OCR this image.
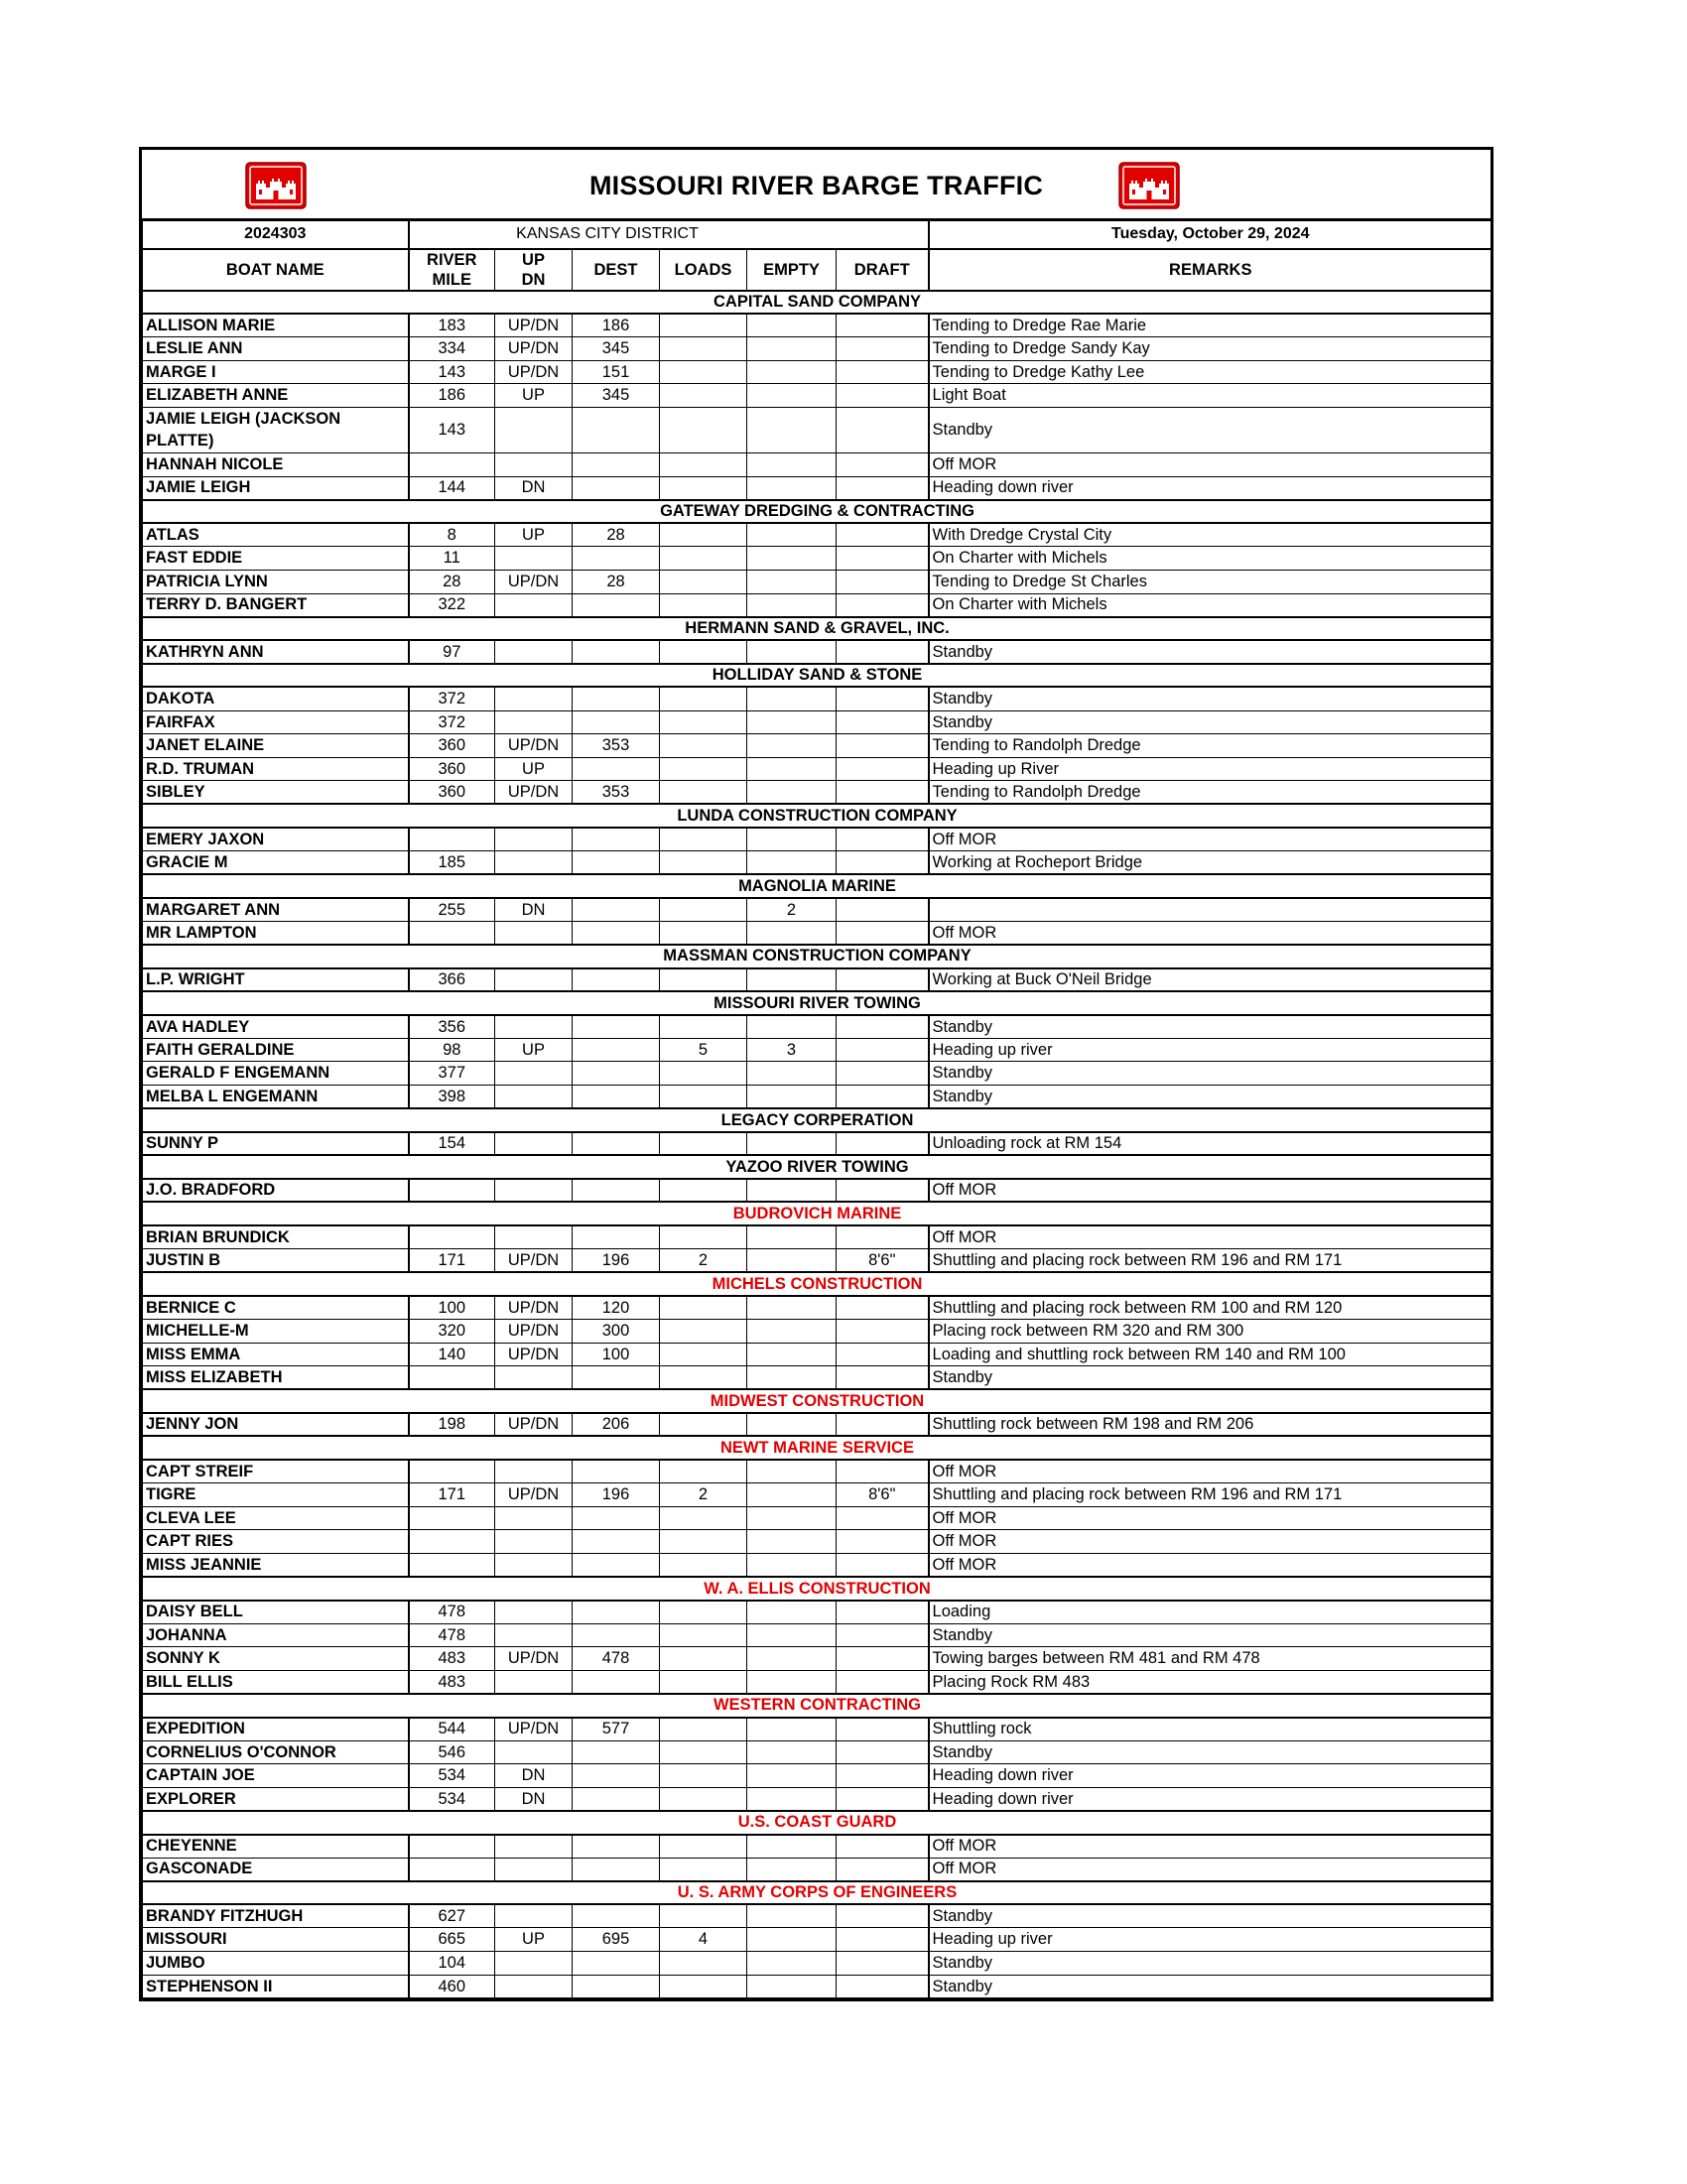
MISSOURI RIVER BARGE TRAFFIC
2024303	KANSAS CITY DISTRICT						Tuesday, October 29, 2024
BOAT NAME	RIVER MILE	UP DN	DEST	LOADS	EMPTY	DRAFT	REMARKS
CAPITAL SAND COMPANY							
ALLISON MARIE	183	UP/DN	186				Tending to Dredge Rae Marie
LESLIE ANN	334	UP/DN	345				Tending to Dredge Sandy Kay
MARGE I	143	UP/DN	151				Tending to Dredge Kathy Lee
ELIZABETH ANNE	186	UP	345				Light Boat
JAMIE LEIGH (JACKSON PLATTE)	143						Standby
HANNAH NICOLE							Off MOR
JAMIE LEIGH	144	DN					Heading down river
GATEWAY DREDGING & CONTRACTING							
ATLAS	8	UP	28				With Dredge Crystal City
FAST EDDIE	11						On Charter with Michels
PATRICIA LYNN	28	UP/DN	28				Tending to Dredge St Charles
TERRY D. BANGERT	322						On Charter with Michels
HERMANN SAND & GRAVEL, INC.							
KATHRYN ANN	97						Standby
HOLLIDAY SAND & STONE							
DAKOTA	372						Standby
FAIRFAX	372						Standby
JANET ELAINE	360	UP/DN	353				Tending to Randolph Dredge
R.D. TRUMAN	360	UP					Heading up River
SIBLEY	360	UP/DN	353				Tending to Randolph Dredge
LUNDA CONSTRUCTION COMPANY							
EMERY JAXON							Off MOR
GRACIE M	185						Working at Rocheport Bridge
MAGNOLIA MARINE							
MARGARET ANN	255	DN			2		
MR LAMPTON							Off MOR
MASSMAN CONSTRUCTION COMPANY							
L.P. WRIGHT	366						Working at Buck O'Neil Bridge
MISSOURI RIVER TOWING							
AVA HADLEY	356						Standby
FAITH GERALDINE	98	UP		5	3		Heading up river
GERALD F ENGEMANN	377						Standby
MELBA L ENGEMANN	398						Standby
LEGACY CORPERATION							
SUNNY P	154						Unloading rock at RM 154
YAZOO RIVER TOWING							
J.O. BRADFORD							Off MOR
BUDROVICH MARINE							
BRIAN BRUNDICK							Off MOR
JUSTIN B	171	UP/DN	196	2		8'6"	Shuttling and placing rock between RM 196 and RM 171
MICHELS CONSTRUCTION							
BERNICE C	100	UP/DN	120				Shuttling and placing rock between RM 100 and RM 120
MICHELLE-M	320	UP/DN	300				Placing rock between RM 320 and RM 300
MISS EMMA	140	UP/DN	100				Loading and shuttling rock between RM 140 and RM 100
MISS ELIZABETH							Standby
MIDWEST CONSTRUCTION							
JENNY JON	198	UP/DN	206				Shuttling rock between RM 198 and RM 206
NEWT MARINE SERVICE							
CAPT STREIF							Off MOR
TIGRE	171	UP/DN	196	2		8'6"	Shuttling and placing rock between RM 196 and RM 171
CLEVA LEE							Off MOR
CAPT RIES							Off MOR
MISS JEANNIE							Off MOR
W. A. ELLIS CONSTRUCTION							
DAISY BELL	478						Loading
JOHANNA	478						Standby
SONNY K	483	UP/DN	478				Towing barges between RM 481 and RM 478
BILL ELLIS	483						Placing Rock RM 483
WESTERN CONTRACTING							
EXPEDITION	544	UP/DN	577				Shuttling rock
CORNELIUS O'CONNOR	546						Standby
CAPTAIN JOE	534	DN					Heading down river
EXPLORER	534	DN					Heading down river
U.S. COAST GUARD							
CHEYENNE							Off MOR
GASCONADE							Off MOR
U. S. ARMY CORPS OF ENGINEERS							
BRANDY FITZHUGH	627						Standby
MISSOURI	665	UP	695	4			Heading up river
JUMBO	104						Standby
STEPHENSON II	460						Standby
